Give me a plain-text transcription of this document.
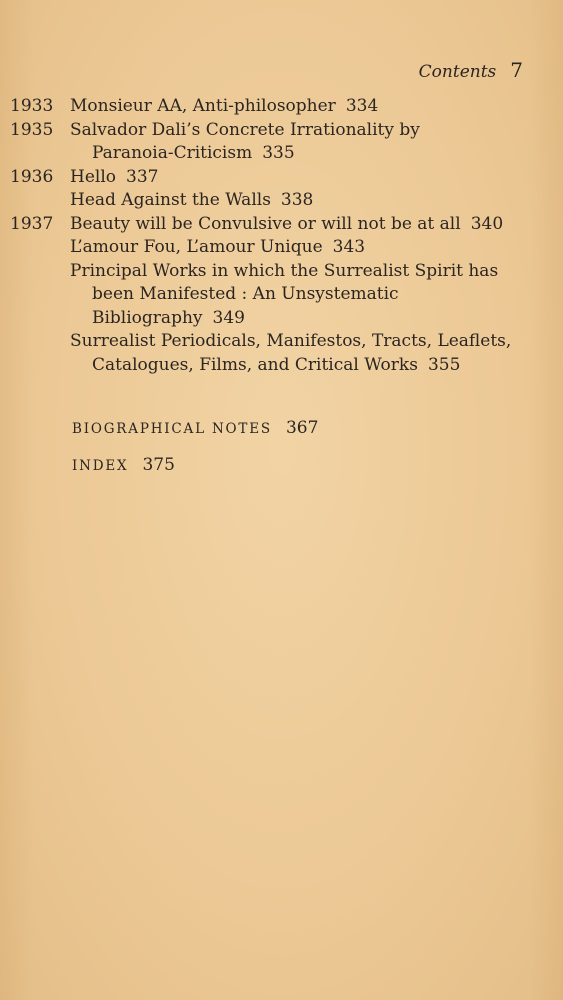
Contents 7
1933 Monsieur AA, Anti-philosopher 334
1935 Salvador Dali’s Concrete Irrationality by
Paranoia-Criticism 335
1936 Hello 337
Head Against the Walls 338
1937 Beauty will be Convulsive or will not be at all 340
L’amour Fou, L’amour Unique 343
Principal Works in which the Surrealist Spirit has
been Manifested : An Unsystematic
Bibliography 349
Surrealist Periodicals, Manifestos, Tracts, Leaflets,
Catalogues, Films, and Critical Works 355
BIOGRAPHICAL NOTES 367
INDEX 375
